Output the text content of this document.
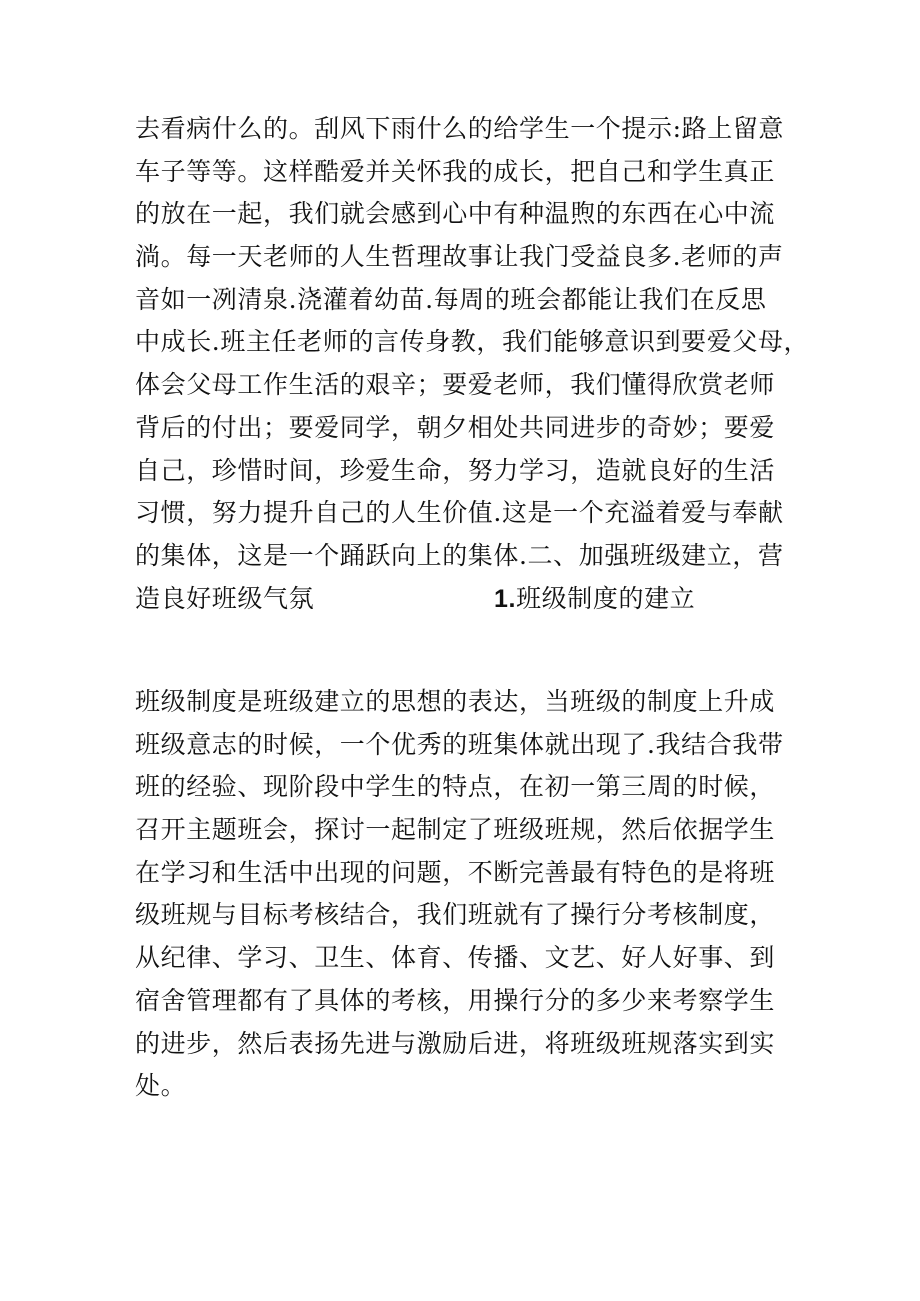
去看病什么的。刮风下雨什么的给学生一个提示:路上留意
车子等等。这样酷爱并关怀我的成长，把自己和学生真正
的放在一起，我们就会感到心中有种温煦的东西在心中流
淌。每一天老师的人生哲理故事让我门受益良多.老师的声
音如一冽清泉.浇灌着幼苗.每周的班会都能让我们在反思
中成长.班主任老师的言传身教，我们能够意识到要爱父母，
体会父母工作生活的艰辛；要爱老师，我们懂得欣赏老师
背后的付出；要爱同学，朝夕相处共同进步的奇妙；要爱
自己，珍惜时间，珍爱生命，努力学习，造就良好的生活
习惯，努力提升自己的人生价值.这是一个充溢着爱与奉献
的集体，这是一个踊跃向上的集体.二、加强班级建立，营
造良好班级气氛	1.班级制度的建立
班级制度是班级建立的思想的表达，当班级的制度上升成
班级意志的时候，一个优秀的班集体就出现了.我结合我带
班的经验、现阶段中学生的特点，在初一第三周的时候，
召开主题班会，探讨一起制定了班级班规，然后依据学生
在学习和生活中出现的问题，不断完善最有特色的是将班
级班规与目标考核结合，我们班就有了操行分考核制度，
从纪律、学习、卫生、体育、传播、文艺、好人好事、到
宿舍管理都有了具体的考核，用操行分的多少来考察学生
的进步，然后表扬先进与激励后进，将班级班规落实到实
处。
